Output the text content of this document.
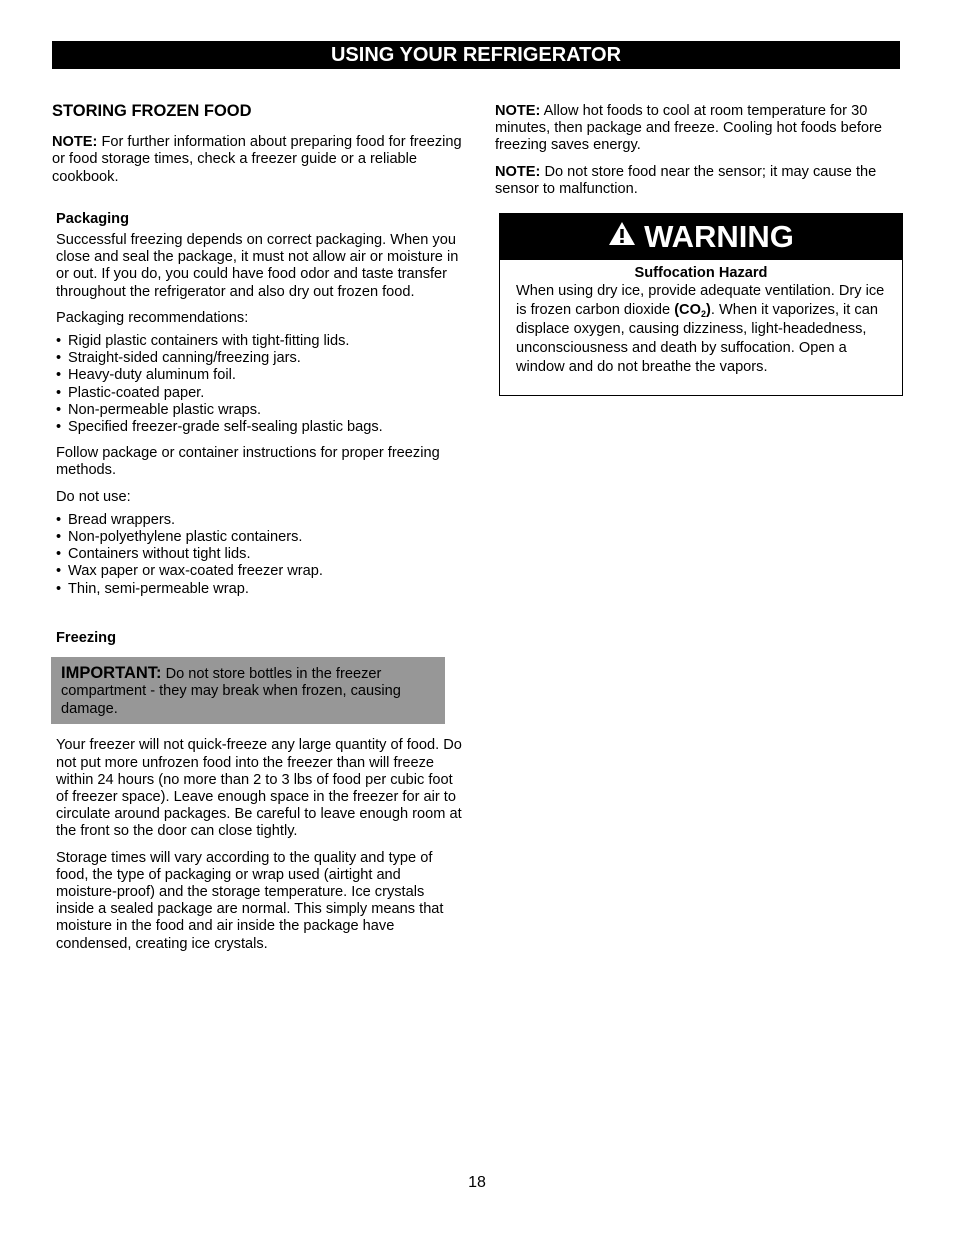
USING YOUR REFRIGERATOR

STORING FROZEN FOOD

NOTE: For further information about preparing food for freezing or food storage times, check a freezer guide or a reliable cookbook.

Packaging

Successful freezing depends on correct packaging. When you close and seal the package, it must not allow air or moisture in or out. If you do, you could have food odor and taste transfer throughout the refrigerator and also dry out frozen food.

Packaging recommendations:

• Rigid plastic containers with tight-fitting lids.
• Straight-sided canning/freezing jars.
• Heavy-duty aluminum foil.
• Plastic-coated paper.
• Non-permeable plastic wraps.
• Specified freezer-grade self-sealing plastic bags.

Follow package or container instructions for proper freezing methods.

Do not use:

• Bread wrappers.
• Non-polyethylene plastic containers.
• Containers without tight lids.
• Wax paper or wax-coated freezer wrap.
• Thin, semi-permeable wrap.

Freezing

IMPORTANT: Do not store bottles in the freezer compartment - they may break when frozen, causing damage.

Your freezer will not quick-freeze any large quantity of food. Do not put more unfrozen food into the freezer than will freeze within 24 hours (no more than 2 to 3 lbs of food per cubic foot of freezer space). Leave enough space in the freezer for air to circulate around packages. Be careful to leave enough room at the front so the door can close tightly.

Storage times will vary according to the quality and type of food, the type of packaging or wrap used (airtight and moisture-proof) and the storage temperature. Ice crystals inside a sealed package are normal. This simply means that moisture in the food and air inside the package have condensed, creating ice crystals.

NOTE: Allow hot foods to cool at room temperature for 30 minutes, then package and freeze. Cooling hot foods before freezing saves energy.

NOTE: Do not store food near the sensor; it may cause the sensor to malfunction.

WARNING

Suffocation Hazard

When using dry ice, provide adequate ventilation. Dry ice is frozen carbon dioxide $(CO_2)$. When it vaporizes, it can displace oxygen, causing dizziness, light-headedness, unconsciousness and death by suffocation. Open a window and do not breathe the vapors.

18
